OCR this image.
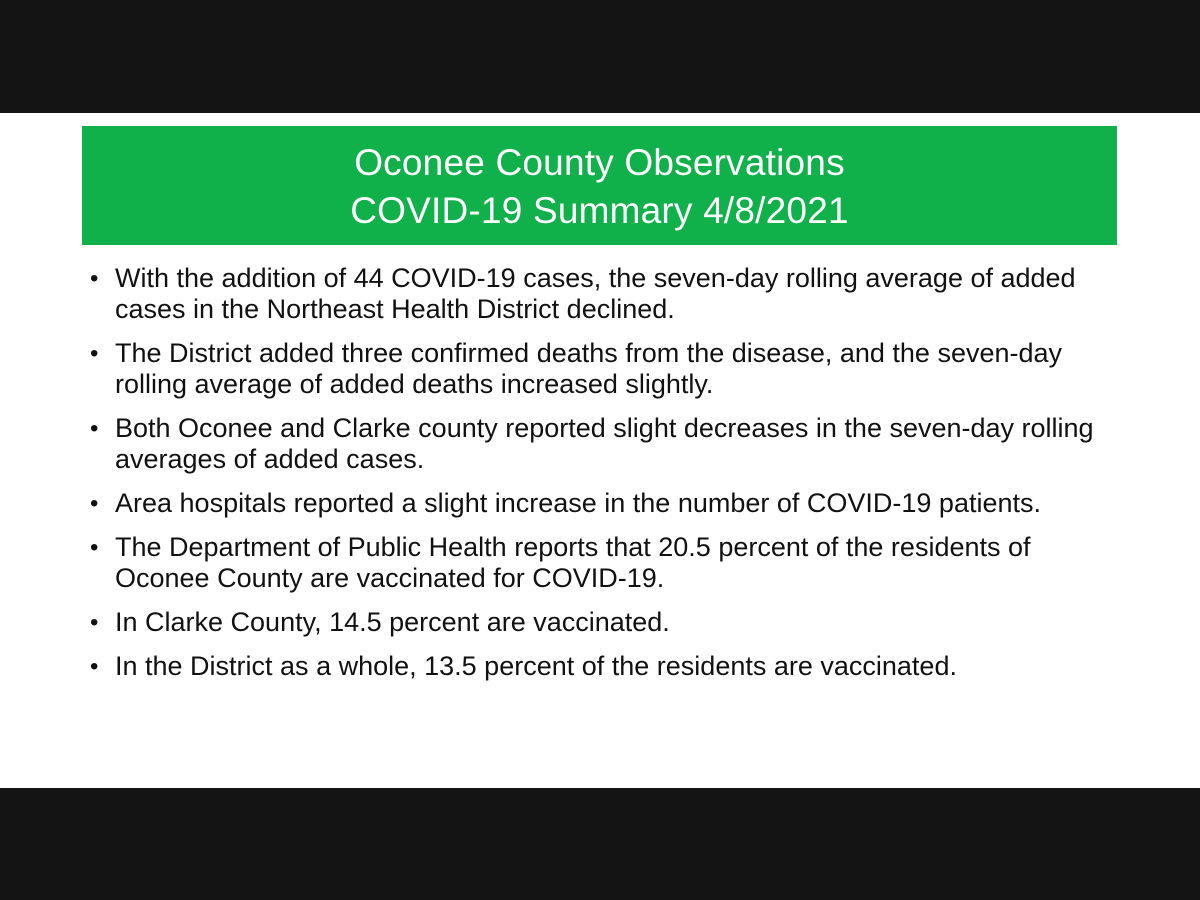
Oconee County Observations
COVID-19 Summary 4/8/2021
• With the addition of 44 COVID-19 cases, the seven-day rolling average of added cases in the Northeast Health District declined.
• The District added three confirmed deaths from the disease, and the seven-day rolling average of added deaths increased slightly.
• Both Oconee and Clarke county reported slight decreases in the seven-day rolling averages of added cases.
• Area hospitals reported a slight increase in the number of COVID-19 patients.
• The Department of Public Health reports that 20.5 percent of the residents of Oconee County are vaccinated for COVID-19.
• In Clarke County, 14.5 percent are vaccinated.
• In the District as a whole, 13.5 percent of the residents are vaccinated.
